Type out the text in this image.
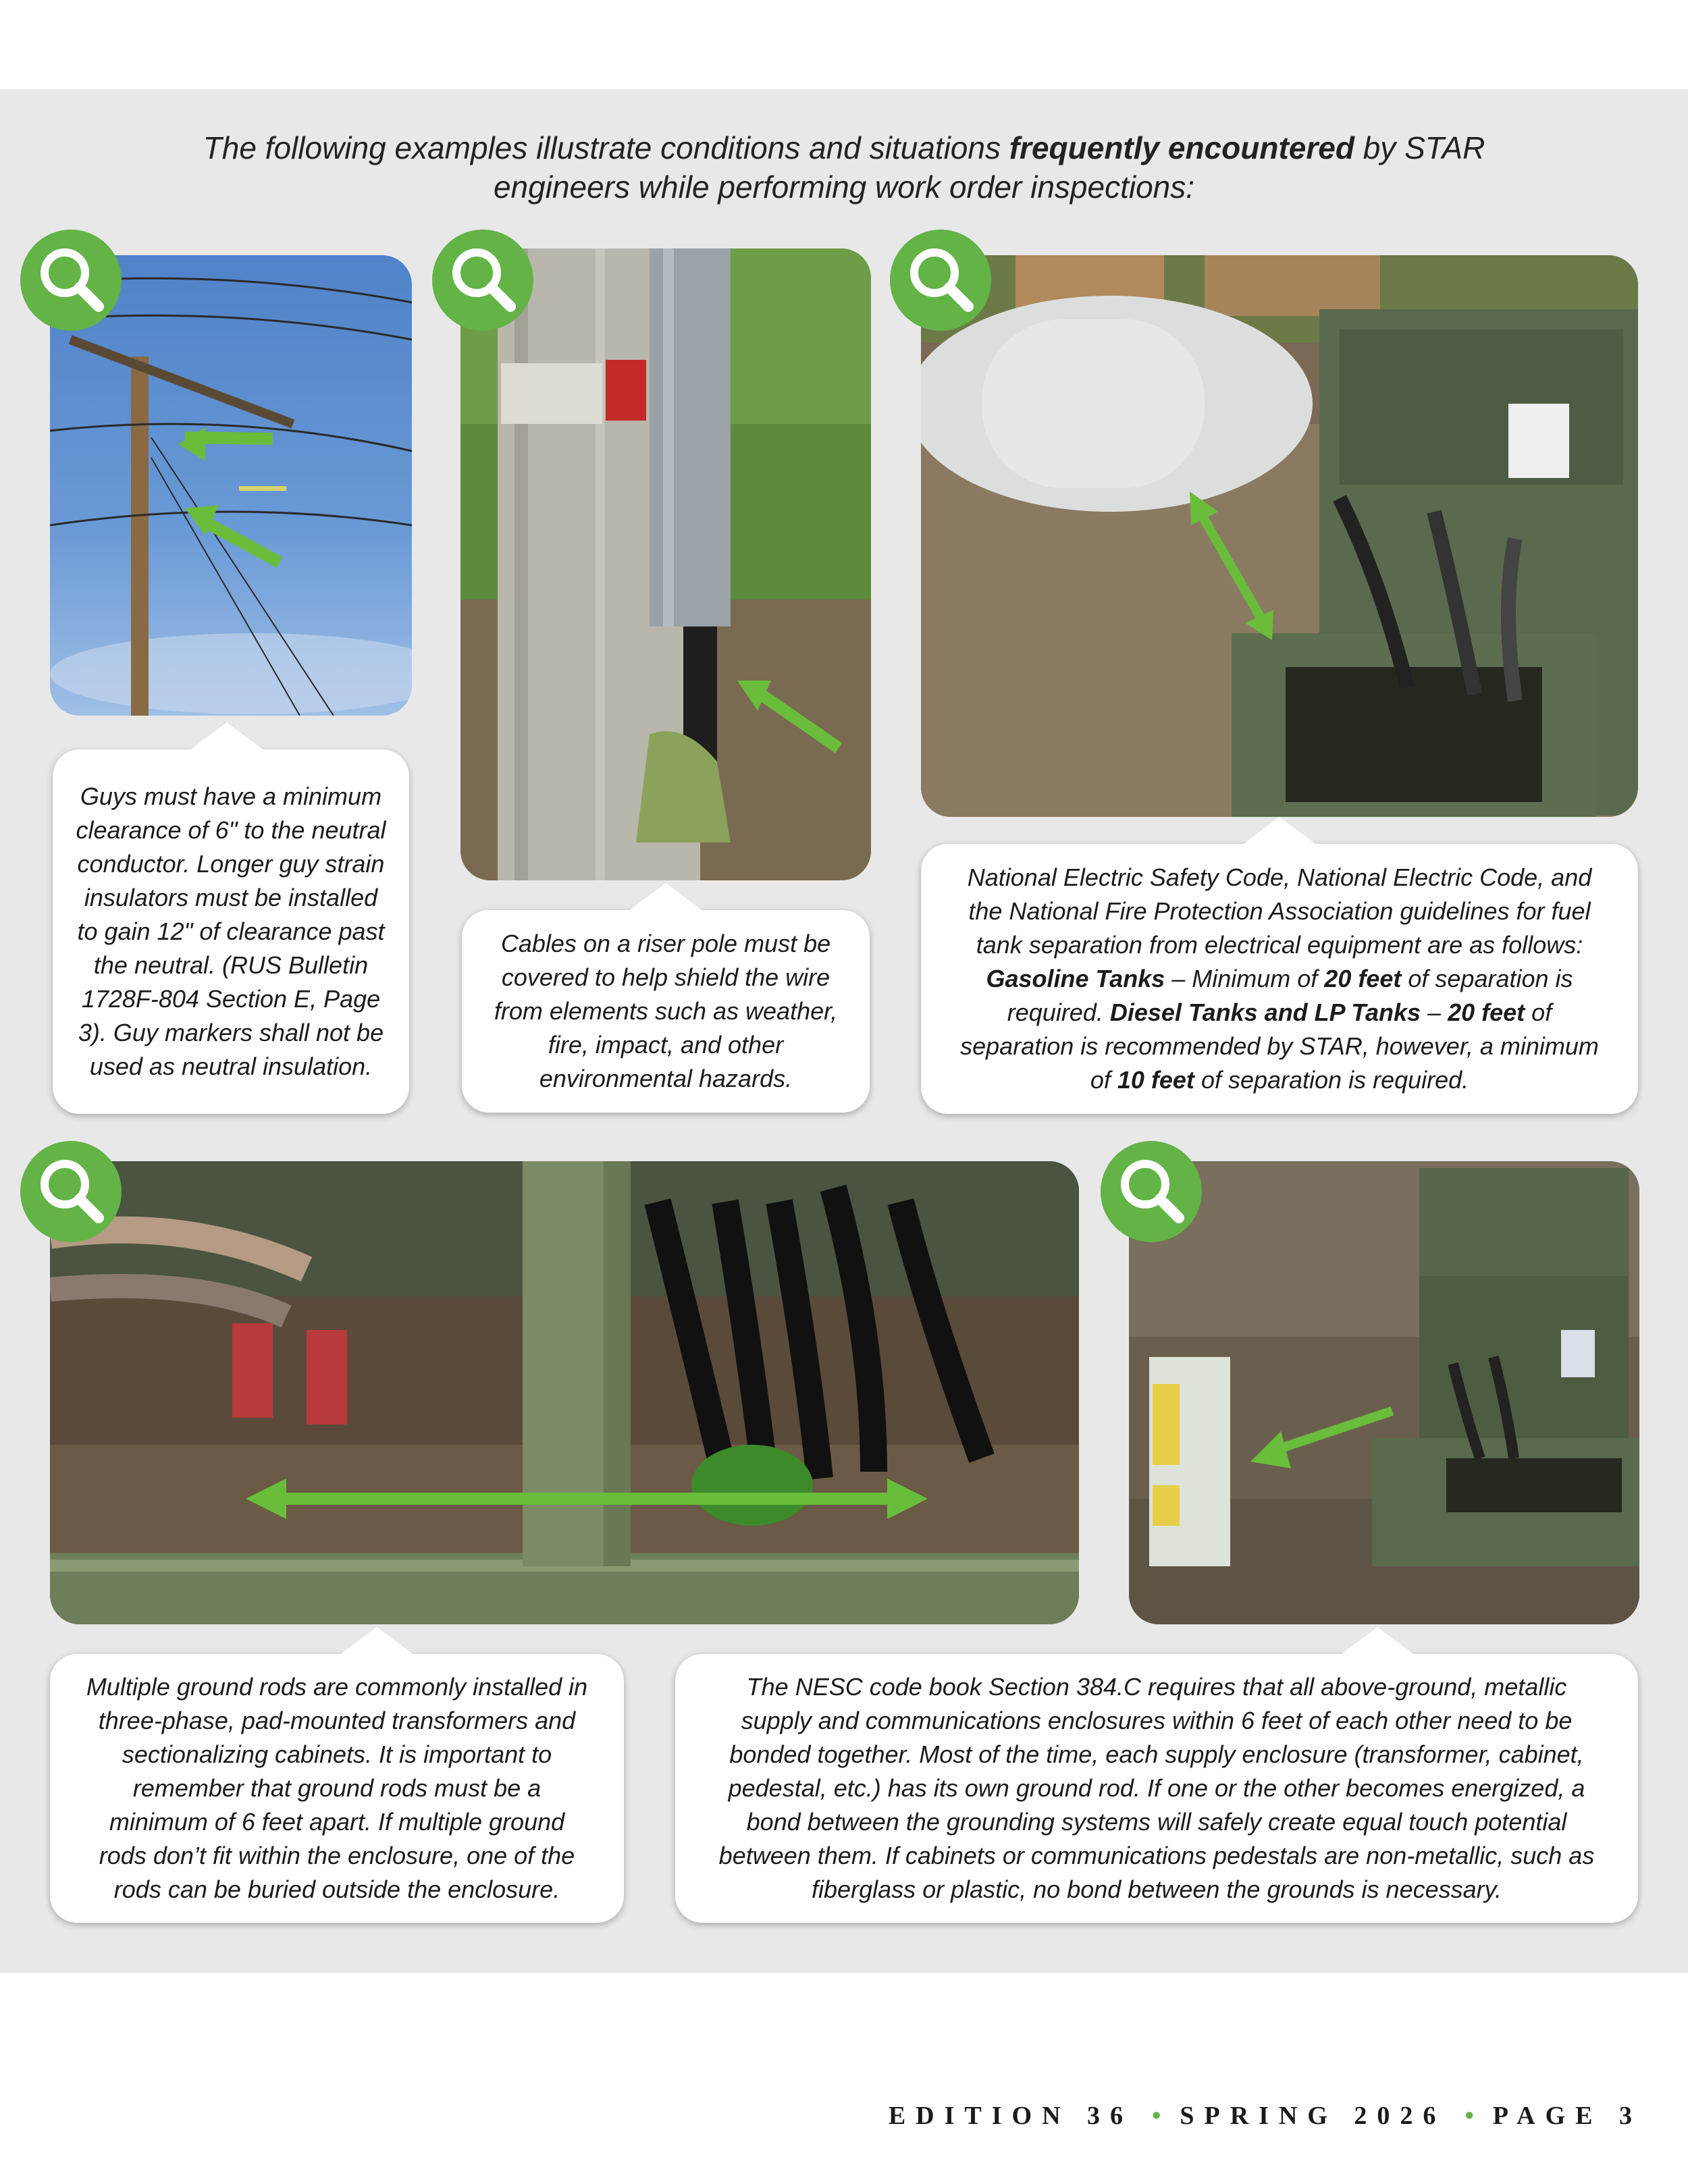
The following examples illustrate conditions and situations frequently encountered by STAR engineers while performing work order inspections:
Guys must have a minimum clearance of 6" to the neutral conductor. Longer guy strain insulators must be installed to gain 12" of clearance past the neutral. (RUS Bulletin 1728F-804 Section E, Page 3). Guy markers shall not be used as neutral insulation.
Cables on a riser pole must be covered to help shield the wire from elements such as weather, fire, impact, and other environmental hazards.
National Electric Safety Code, National Electric Code, and the National Fire Protection Association guidelines for fuel tank separation from electrical equipment are as follows: Gasoline Tanks – Minimum of 20 feet of separation is required. Diesel Tanks and LP Tanks – 20 feet of separation is recommended by STAR, however, a minimum of 10 feet of separation is required.
Multiple ground rods are commonly installed in three-phase, pad-mounted transformers and sectionalizing cabinets. It is important to remember that ground rods must be a minimum of 6 feet apart. If multiple ground rods don’t fit within the enclosure, one of the rods can be buried outside the enclosure.
The NESC code book Section 384.C requires that all above-ground, metallic supply and communications enclosures within 6 feet of each other need to be bonded together. Most of the time, each supply enclosure (transformer, cabinet, pedestal, etc.) has its own ground rod. If one or the other becomes energized, a bond between the grounding systems will safely create equal touch potential between them. If cabinets or communications pedestals are non-metallic, such as fiberglass or plastic, no bond between the grounds is necessary.
EDITION 36 • SPRING 2026 • PAGE 3
